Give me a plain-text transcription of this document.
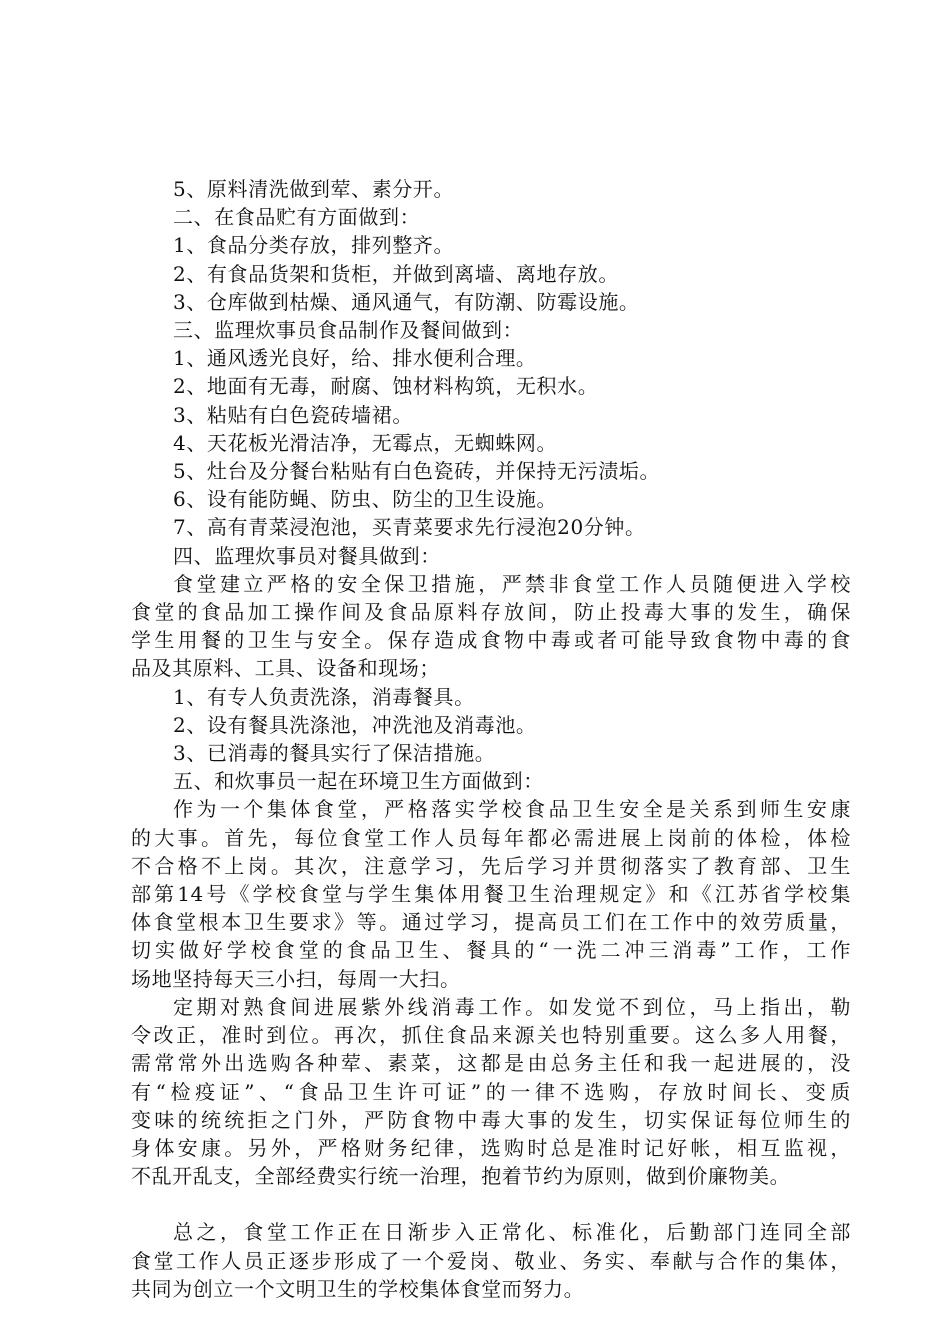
5、原料清洗做到荤、素分开。
二、在食品贮有方面做到：
1、食品分类存放，排列整齐。
2、有食品货架和货柜，并做到离墙、离地存放。
3、仓库做到枯燥、通风通气，有防潮、防霉设施。
三、监理炊事员食品制作及餐间做到：
1、通风透光良好，给、排水便利合理。
2、地面有无毒，耐腐、蚀材料构筑，无积水。
3、粘贴有白色瓷砖墙裙。
4、天花板光滑洁净，无霉点，无蜘蛛网。
5、灶台及分餐台粘贴有白色瓷砖，并保持无污渍垢。
6、设有能防蝇、防虫、防尘的卫生设施。
7、高有青菜浸泡池，买青菜要求先行浸泡20分钟。
四、监理炊事员对餐具做到：
食堂建立严格的安全保卫措施，严禁非食堂工作人员随便进入学校
食堂的食品加工操作间及食品原料存放间，防止投毒大事的发生，确保
学生用餐的卫生与安全。保存造成食物中毒或者可能导致食物中毒的食
品及其原料、工具、设备和现场；
1、有专人负责洗涤，消毒餐具。
2、设有餐具洗涤池，冲洗池及消毒池。
3、已消毒的餐具实行了保洁措施。
五、和炊事员一起在环境卫生方面做到：
作为一个集体食堂，严格落实学校食品卫生安全是关系到师生安康
的大事。首先，每位食堂工作人员每年都必需进展上岗前的体检，体检
不合格不上岗。其次，注意学习，先后学习并贯彻落实了教育部、卫生
部第14号《学校食堂与学生集体用餐卫生治理规定》和《江苏省学校集
体食堂根本卫生要求》等。通过学习，提高员工们在工作中的效劳质量，
切实做好学校食堂的食品卫生、餐具的“一洗二冲三消毒”工作，工作
场地坚持每天三小扫，每周一大扫。
定期对熟食间进展紫外线消毒工作。如发觉不到位，马上指出，勒
令改正，准时到位。再次，抓住食品来源关也特别重要。这么多人用餐，
需常常外出选购各种荤、素菜，这都是由总务主任和我一起进展的，没
有“检疫证”、“食品卫生许可证”的一律不选购，存放时间长、变质
变味的统统拒之门外，严防食物中毒大事的发生，切实保证每位师生的
身体安康。另外，严格财务纪律，选购时总是准时记好帐，相互监视，
不乱开乱支，全部经费实行统一治理，抱着节约为原则，做到价廉物美。
总之，食堂工作正在日渐步入正常化、标准化，后勤部门连同全部
食堂工作人员正逐步形成了一个爱岗、敬业、务实、奉献与合作的集体，
共同为创立一个文明卫生的学校集体食堂而努力。
